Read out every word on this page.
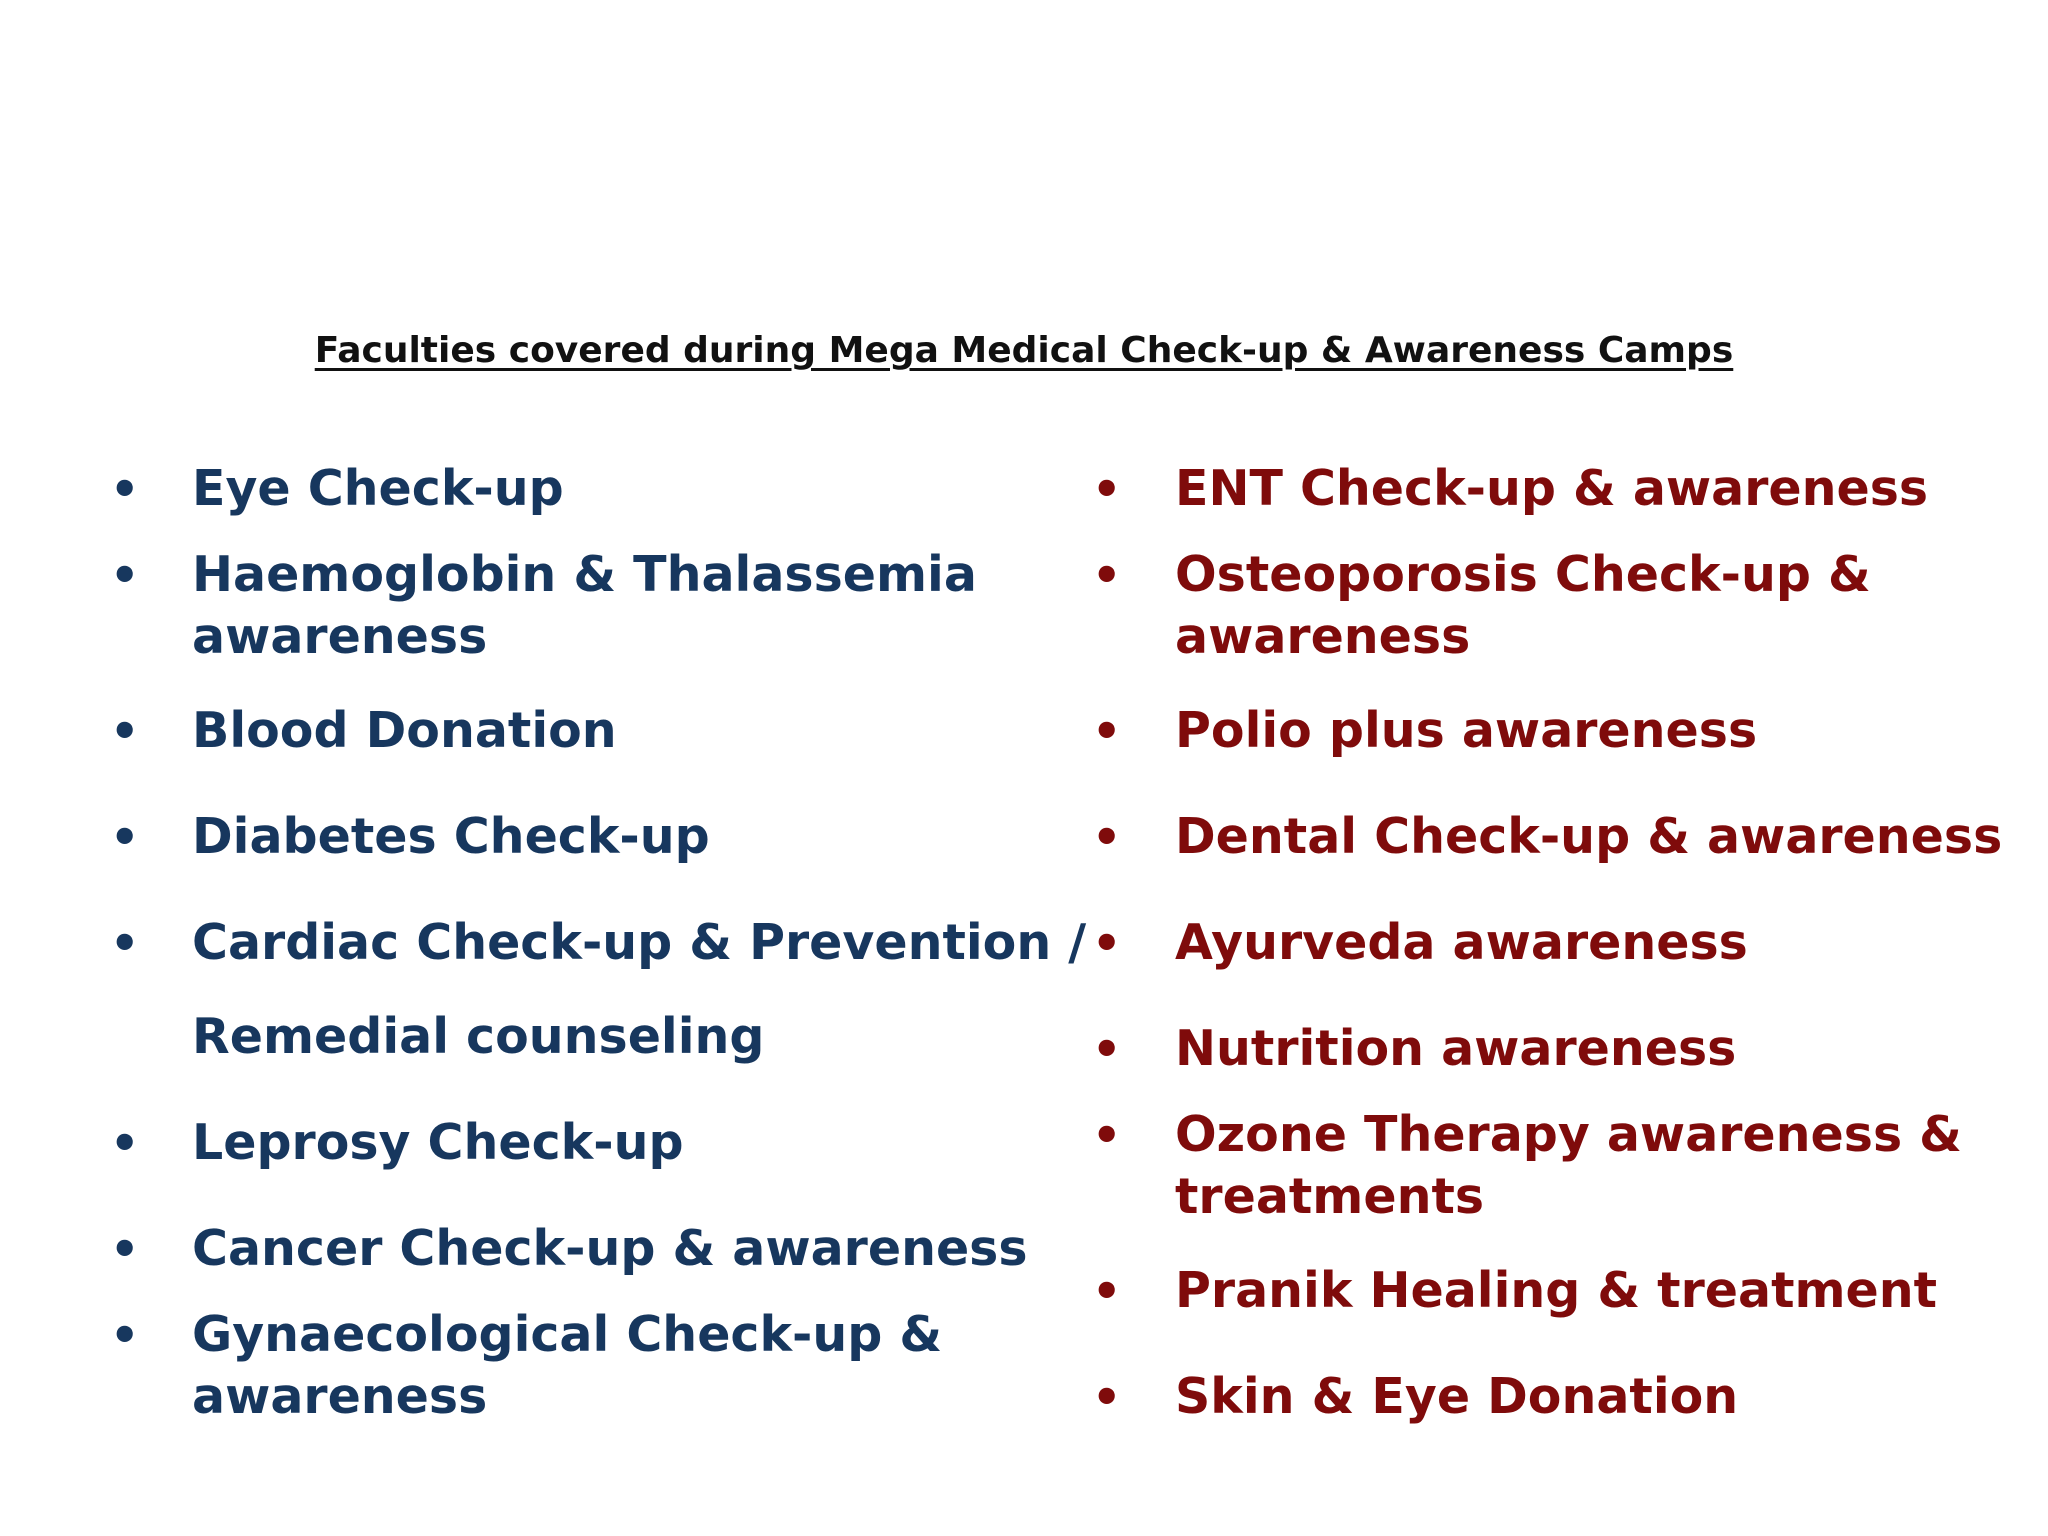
Faculties covered during Mega Medical Check-up & Awareness Camps
• Eye Check-up
• Haemoglobin & Thalassemia
awareness
• Blood Donation
• Diabetes Check-up
• Cardiac Check-up & Prevention /
Remedial counseling
• Leprosy Check-up
• Cancer Check-up & awareness
• Gynaecological Check-up &
awareness
• ENT Check-up & awareness
• Osteoporosis Check-up &
awareness
• Polio plus awareness
• Dental Check-up & awareness
• Ayurveda awareness
• Nutrition awareness
• Ozone Therapy awareness &
treatments
• Pranik Healing & treatment
• Skin & Eye Donation
